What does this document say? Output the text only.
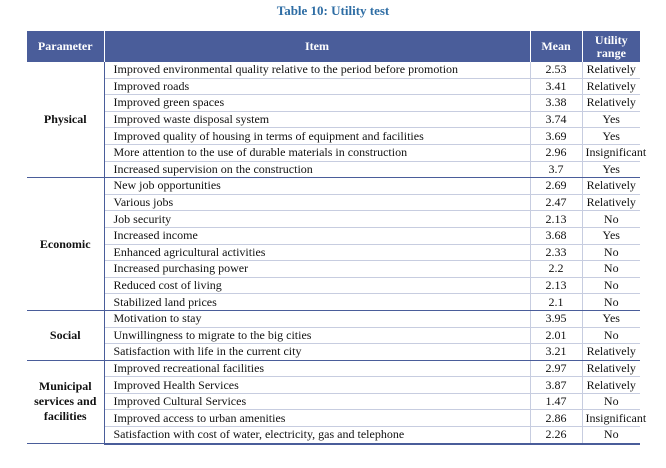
Table 10: Utility test
Parameter	Item	Mean	Utility range
Physical	Improved environmental quality relative to the period before promotion	2.53	Relatively
	Improved roads	3.41	Relatively
	Improved green spaces	3.38	Relatively
	Improved waste disposal system	3.74	Yes
	Improved quality of housing in terms of equipment and facilities	3.69	Yes
	More attention to the use of durable materials in construction	2.96	Insignificant
	Increased supervision on the construction	3.7	Yes
Economic	New job opportunities	2.69	Relatively
	Various jobs	2.47	Relatively
	Job security	2.13	No
	Increased income	3.68	Yes
	Enhanced agricultural activities	2.33	No
	Increased purchasing power	2.2	No
	Reduced cost of living	2.13	No
	Stabilized land prices	2.1	No
Social	Motivation to stay	3.95	Yes
	Unwillingness to migrate to the big cities	2.01	No
	Satisfaction with life in the current city	3.21	Relatively
Municipal services and facilities	Improved recreational facilities	2.97	Relatively
	Improved Health Services	3.87	Relatively
	Improved Cultural Services	1.47	No
	Improved access to urban amenities	2.86	Insignificant
	Satisfaction with cost of water, electricity, gas and telephone	2.26	No
